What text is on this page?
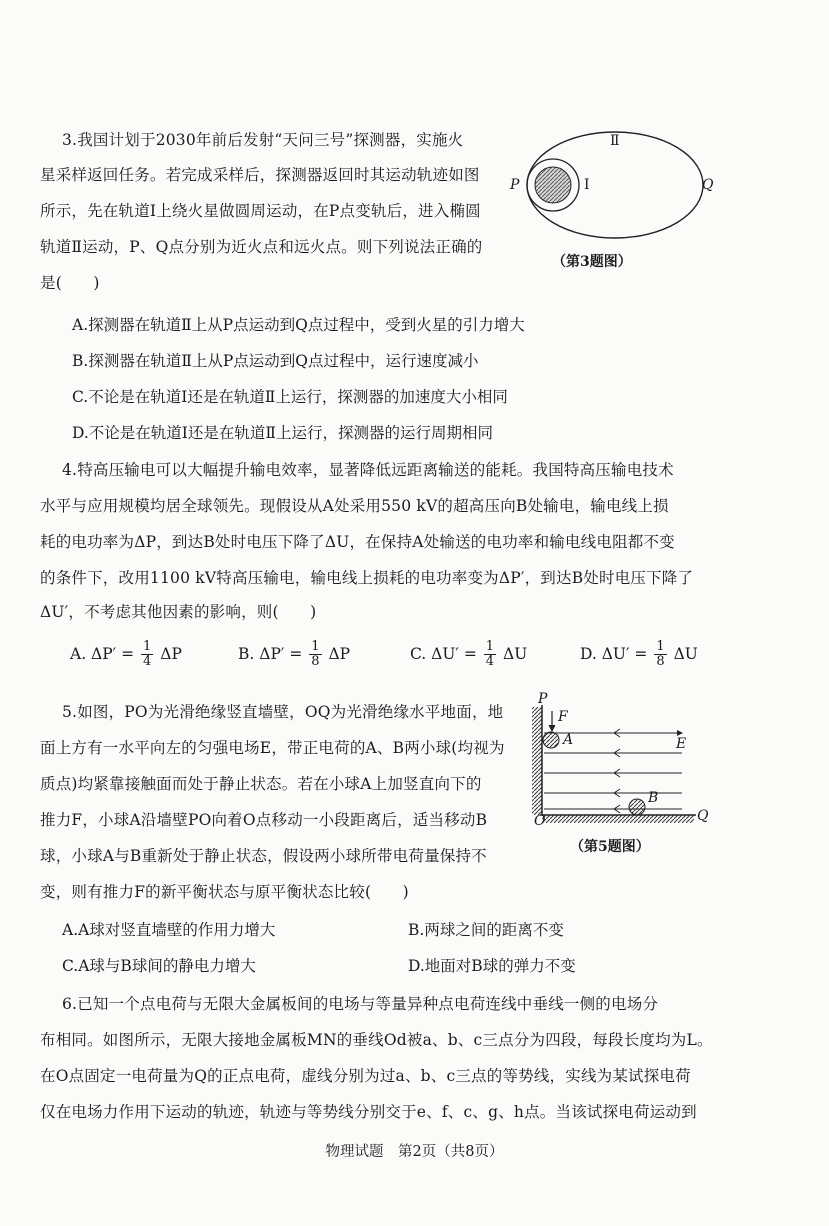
3.我国计划于2030年前后发射“天问三号”探测器，实施火
星采样返回任务。若完成采样后，探测器返回时其运动轨迹如图
所示，先在轨道Ⅰ上绕火星做圆周运动，在P点变轨后，进入椭圆
轨道Ⅱ运动，P、Q点分别为近火点和远火点。则下列说法正确的
是(　　)
P	Q
Ⅰ
Ⅱ
（第3题图）
A.探测器在轨道Ⅱ上从P点运动到Q点过程中，受到火星的引力增大
B.探测器在轨道Ⅱ上从P点运动到Q点过程中，运行速度减小
C.不论是在轨道Ⅰ还是在轨道Ⅱ上运行，探测器的加速度大小相同
D.不论是在轨道Ⅰ还是在轨道Ⅱ上运行，探测器的运行周期相同
4.特高压输电可以大幅提升输电效率，显著降低远距离输送的能耗。我国特高压输电技术
水平与应用规模均居全球领先。现假设从A处采用550 kV的超高压向B处输电，输电线上损
耗的电功率为ΔP，到达B处时电压下降了ΔU，在保持A处输送的电功率和输电线电阻都不变
的条件下，改用1100 kV特高压输电，输电线上损耗的电功率变为ΔP′，到达B处时电压下降了
ΔU′，不考虑其他因素的影响，则(　　)
A. $\Delta P' = \frac{1}{4}$ ΔP	B. $\Delta P' = \frac{1}{8}$ ΔP	C. $\Delta U' = \frac{1}{4}$ ΔU	D. $\Delta U' = \frac{1}{8}$ ΔU
5.如图，PO为光滑绝缘竖直墙壁，OQ为光滑绝缘水平地面，地
面上方有一水平向左的匀强电场E，带正电荷的A、B两小球(均视为
质点)均紧靠接触面而处于静止状态。若在小球A上加竖直向下的
推力F，小球A沿墙壁PO向着O点移动一小段距离后，适当移动B
球，小球A与B重新处于静止状态，假设两小球所带电荷量保持不
变，则有推力F的新平衡状态与原平衡状态比较(　　)
P
F
A	E
B
O	Q
（第5题图）
A.A球对竖直墙壁的作用力增大	B.两球之间的距离不变
C.A球与B球间的静电力增大	D.地面对B球的弹力不变
6.已知一个点电荷与无限大金属板间的电场与等量异种点电荷连线中垂线一侧的电场分
布相同。如图所示，无限大接地金属板MN的垂线Od被a、b、c三点分为四段，每段长度均为L。
在O点固定一电荷量为Q的正点电荷，虚线分别为过a、b、c三点的等势线，实线为某试探电荷
仅在电场力作用下运动的轨迹，轨迹与等势线分别交于e、f、c、g、h点。当该试探电荷运动到
物理试题　第2页（共8页）
